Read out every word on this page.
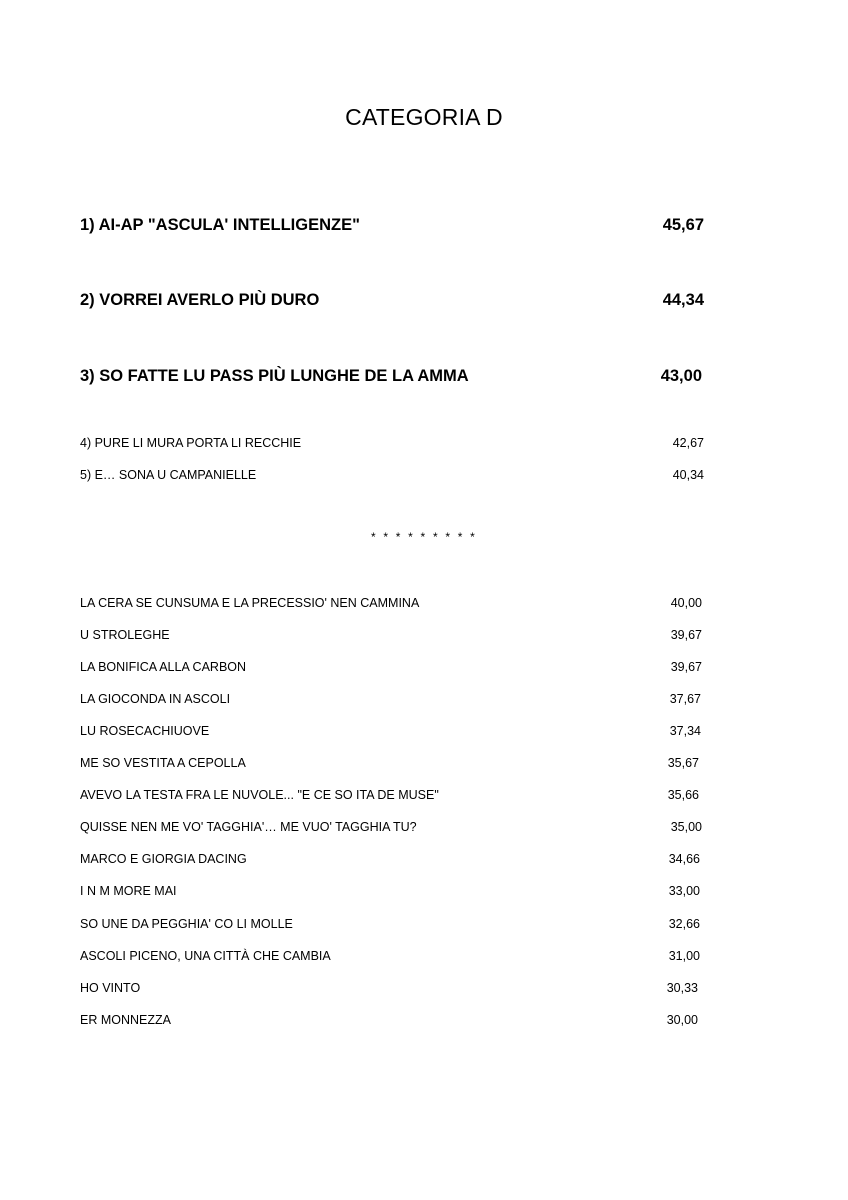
CATEGORIA D
1) AI-AP "ASCULA' INTELLIGENZE"	45,67
2) VORREI AVERLO PIÙ DURO	44,34
3) SO FATTE LU PASS PIÙ LUNGHE DE LA AMMA	43,00
4) PURE LI MURA PORTA LI RECCHIE	42,67
5) E… SONA U CAMPANIELLE	40,34
* * * * * * * * *
LA CERA SE CUNSUMA E LA PRECESSIO' NEN CAMMINA	40,00
U STROLEGHE	39,67
LA BONIFICA ALLA CARBON	39,67
LA GIOCONDA IN ASCOLI	37,67
LU ROSECACHIUOVE	37,34
ME SO VESTITA A CEPOLLA	35,67
AVEVO LA TESTA FRA LE NUVOLE... "E CE SO ITA DE MUSE"	35,66
QUISSE NEN ME VO' TAGGHIA'… ME VUO' TAGGHIA TU?	35,00
MARCO E GIORGIA DACING	34,66
I N M MORE MAI	33,00
SO UNE DA PEGGHIA' CO LI MOLLE	32,66
ASCOLI PICENO, UNA CITTÀ CHE CAMBIA	31,00
HO VINTO	30,33
ER MONNEZZA	30,00
